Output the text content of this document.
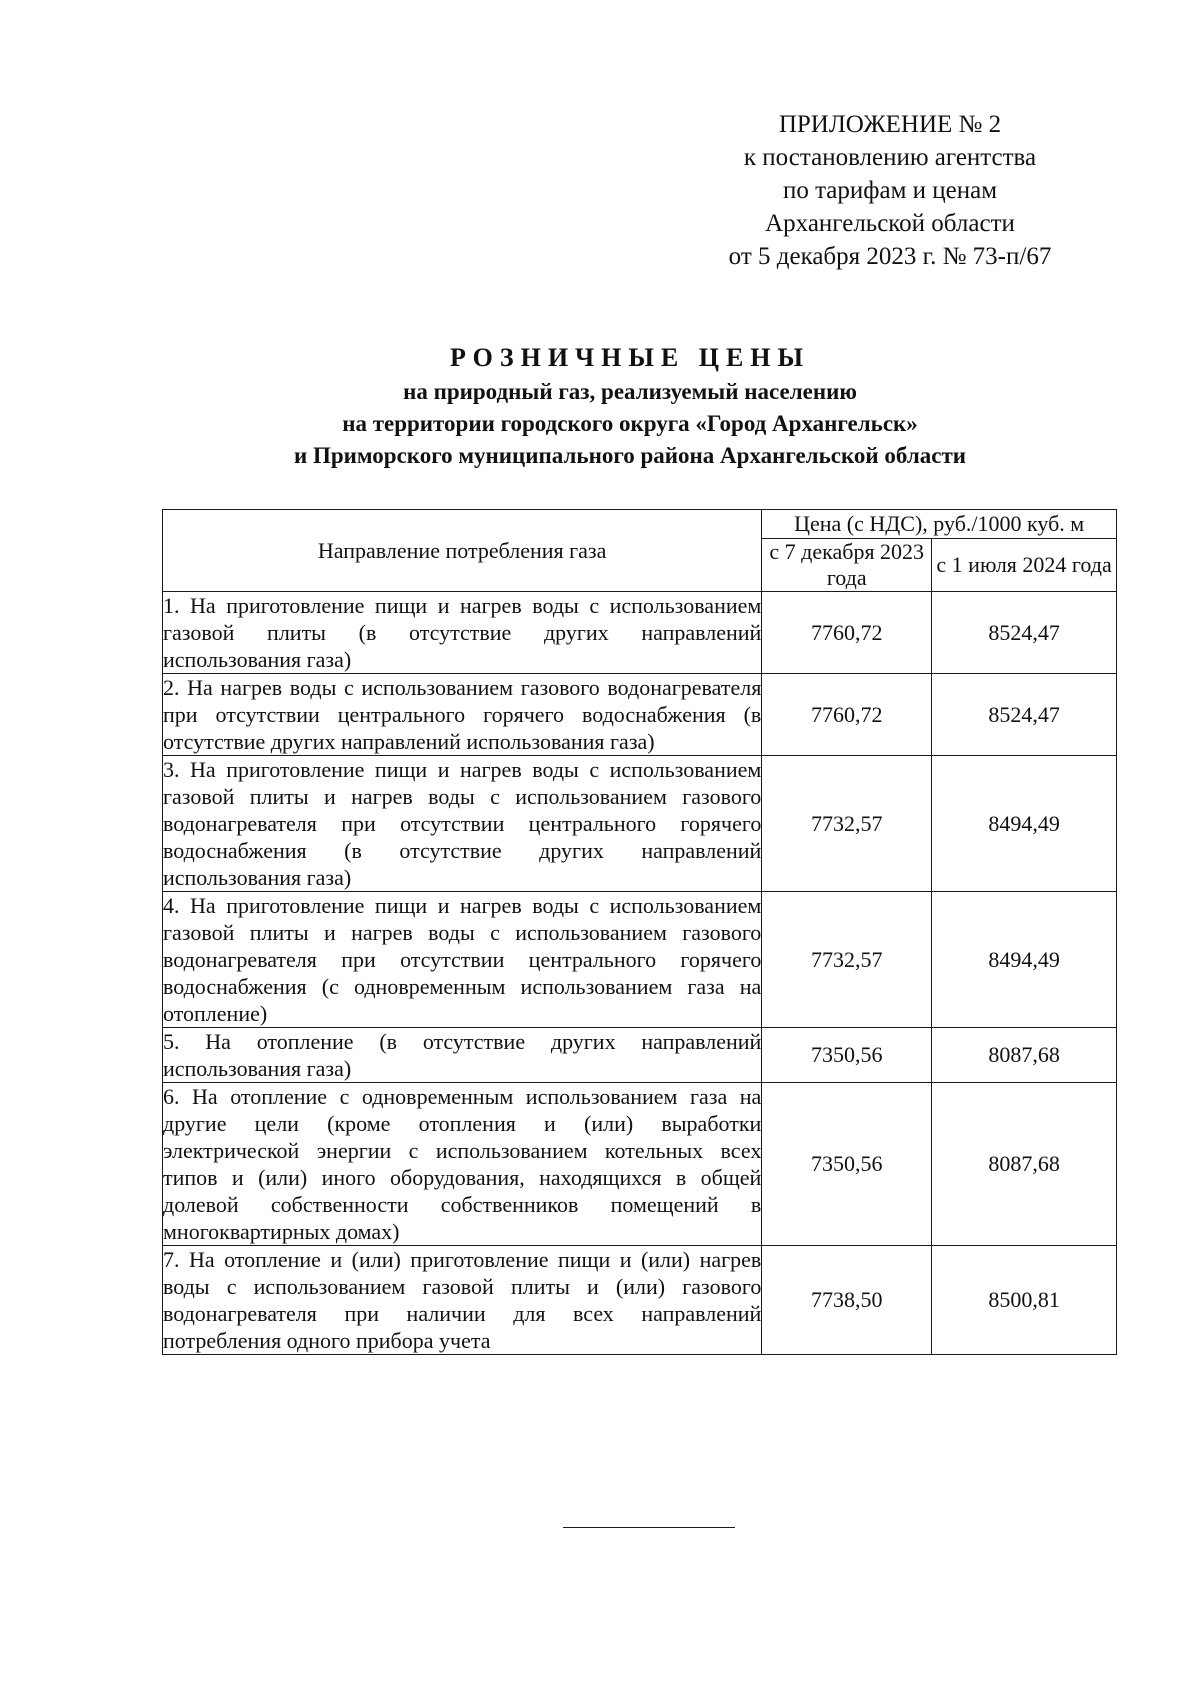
ПРИЛОЖЕНИЕ № 2
к постановлению агентства
по тарифам и ценам
Архангельской области
от 5 декабря 2023 г. № 73-п/67
РОЗНИЧНЫЕ ЦЕНЫ
на природный газ, реализуемый населению
на территории городского округа «Город Архангельск»
и Приморского муниципального района Архангельской области
Направление потребления газа	Цена (с НДС), руб./1000 куб. м	
	с 7 декабря 2023 года	с 1 июля 2024 года
1. На приготовление пищи и нагрев воды с использованием газовой плиты (в отсутствие других направлений использования газа)	7760,72	8524,47
2. На нагрев воды с использованием газового водонагревателя при отсутствии центрального горячего водоснабжения (в отсутствие других направлений использования газа)	7760,72	8524,47
3. На приготовление пищи и нагрев воды с использованием газовой плиты и нагрев воды с использованием газового водонагревателя при отсутствии центрального горячего водоснабжения (в отсутствие других направлений использования газа)	7732,57	8494,49
4. На приготовление пищи и нагрев воды с использованием газовой плиты и нагрев воды с использованием газового водонагревателя при отсутствии центрального горячего водоснабжения (с одновременным использованием газа на отопление)	7732,57	8494,49
5. На отопление (в отсутствие других направлений использования газа)	7350,56	8087,68
6. На отопление с одновременным использованием газа на другие цели (кроме отопления и (или) выработки электрической энергии с использованием котельных всех типов и (или) иного оборудования, находящихся в общей долевой собственности собственников помещений в многоквартирных домах)	7350,56	8087,68
7. На отопление и (или) приготовление пищи и (или) нагрев воды с использованием газовой плиты и (или) газового водонагревателя при наличии для всех направлений потребления одного прибора учета	7738,50	8500,81
